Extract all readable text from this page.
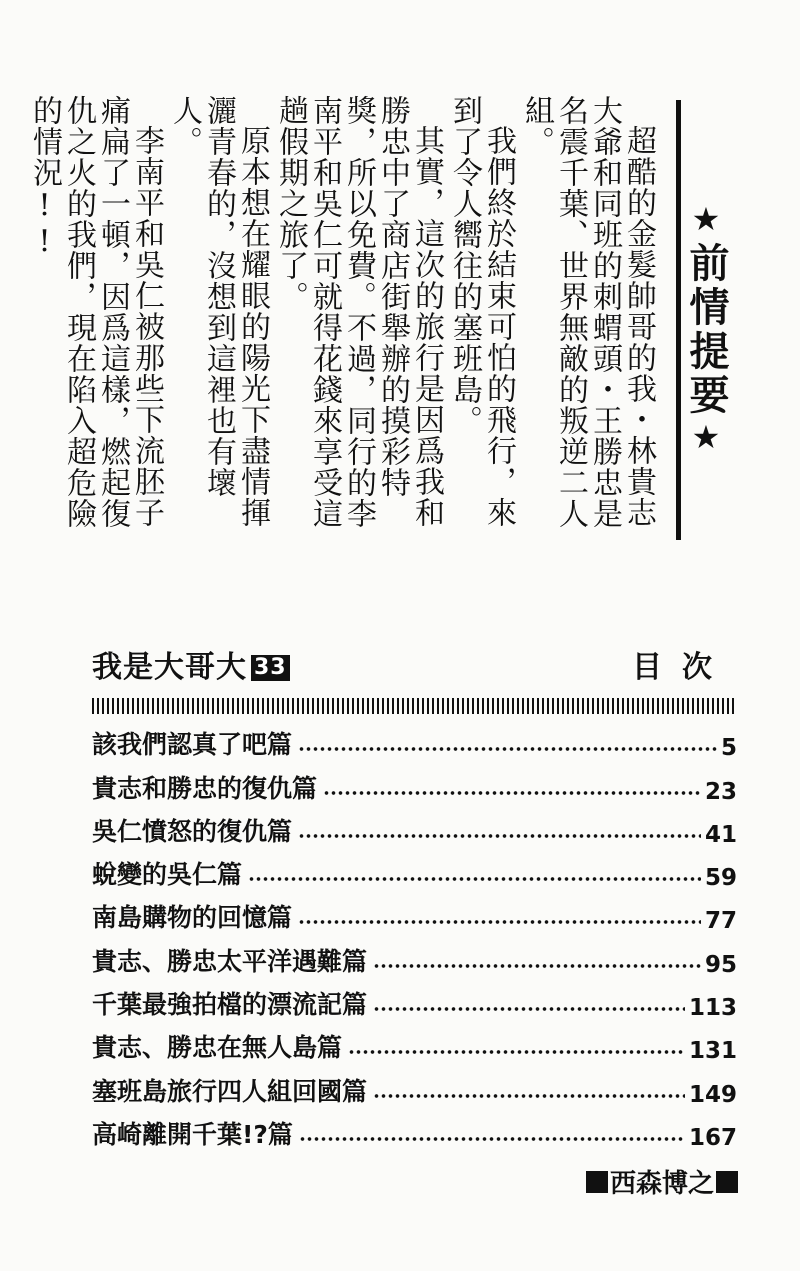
★前情提要★

超酷的金髮帥哥的我・林貴志大爺和同班的刺蝟頭・王勝忠是名震千葉、世界無敵的叛逆二人組。

我們終於結束可怕的飛行，來到了令人嚮往的塞班島。

其實，這次的旅行是因爲我和勝忠中了商店街舉辦的摸彩特獎，所以免費。不過，同行的李南平和吳仁可就得花錢來享受這趟假期之旅了。

原本想在耀眼的陽光下盡情揮灑青春的，沒想到這裡也有壞人。

李南平和吳仁被那些下流胚子痛扁了一頓，因爲這樣，燃起復仇之火的我們，現在陷入超危險的情況!!

我是大哥大 33	目次
該我們認真了吧篇	5
貴志和勝忠的復仇篇	23
吳仁憤怒的復仇篇	41
蛻變的吳仁篇	59
南島購物的回憶篇	77
貴志、勝忠太平洋遇難篇	95
千葉最強拍檔的漂流記篇	113
貴志、勝忠在無人島篇	131
塞班島旅行四人組回國篇	149
高崎離開千葉!?篇	167
西森博之
